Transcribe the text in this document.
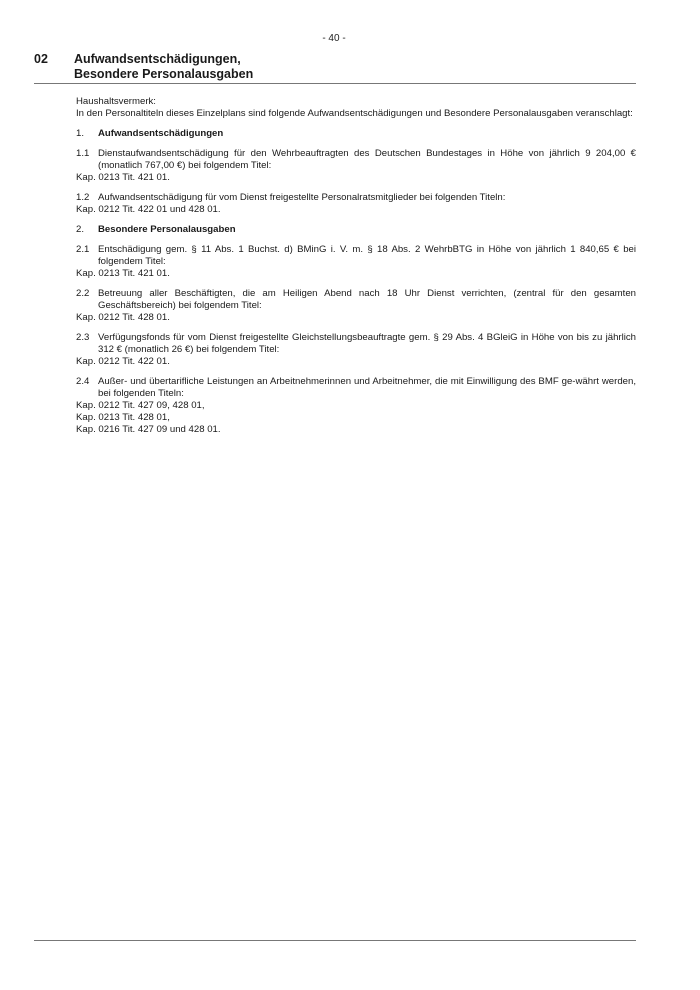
- 40 -
02 Aufwandsentschädigungen,
Besondere Personalausgaben

Haushaltsvermerk:

In den Personaltiteln dieses Einzelplans sind folgende Aufwandsentschädigungen und Besondere Personalausgaben veranschlagt:

1.	Aufwandsentschädigungen
1.1 Dienstaufwandsentschädigung für den Wehrbeauftragten des Deutschen Bundestages in Höhe von jährlich 9 204,00 € (monatlich 767,00 €) bei folgendem Titel:

Kap. 0213 Tit. 421 01.

1.2 Aufwandsentschädigung für vom Dienst freigestellte Personalratsmitglieder bei folgenden Titeln:

Kap. 0212 Tit. 422 01 und 428 01.

2.	Besondere Personalausgaben
2.1 Entschädigung gem. § 11 Abs. 1 Buchst. d) BMinG i. V. m. § 18 Abs. 2 WehrbBTG in Höhe von jährlich 1 840,65 € bei folgendem Titel:

Kap. 0213 Tit. 421 01.

2.2 Betreuung aller Beschäftigten, die am Heiligen Abend nach 18 Uhr Dienst verrichten, (zentral für den gesamten Geschäftsbereich) bei folgendem Titel:

Kap. 0212 Tit. 428 01.

2.3 Verfügungsfonds für vom Dienst freigestellte Gleichstellungsbeauftragte gem. § 29 Abs. 4 BGleiG in Höhe von bis zu jährlich 312 € (monatlich 26 €) bei folgendem Titel:

Kap. 0212 Tit. 422 01.

2.4 Außer- und übertarifliche Leistungen an Arbeitnehmerinnen und Arbeitnehmer, die mit Einwilligung des BMF ge-währt werden, bei folgenden Titeln:

Kap. 0212 Tit. 427 09, 428 01,

Kap. 0213 Tit. 428 01,

Kap. 0216 Tit. 427 09 und 428 01.
